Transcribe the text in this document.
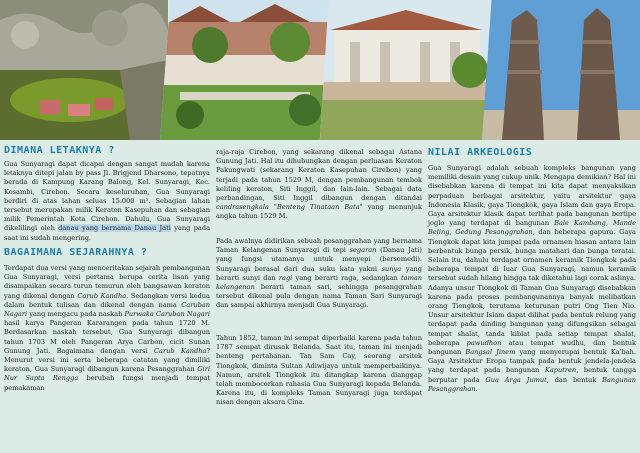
DIMANA LETAKNYA ?

Gua Sunyaragi dapat dicapai dengan sangat mudah karena letaknya ditepi jalan by pass Jl. Brigjend Dharsono, tepatnya berada di Kampung Karang Balong, Kel. Sunyaragi, Kec. Kesambi, Cirebon. Secara keseluruhan, Gua Sunyaragi berdiri di atas lahan seluas 15.000 m². Sebagian lahan tersebut merupakan milik Keraton Kasepuhan dan sebagian milik Pemerintah Kota Cirebon. Dahulu, Gua Sunyaragi dikelilingi oleh danau yang bernama Danau Jati yang pada saat ini sudah mengering.

BAGAIMANA SEJARAHNYA ?

Terdapat dua versi yang menceritakan sejarah pembangunan Gua Sunyaragi, versi pertama berupa cerita lisan yang disampaikan secara turun temurun oleh bangsawan keraton yang dikenal dengan Carub Kandha. Sedangkan versi kedua dalam bentuk tulisan dan dikenal dengan nama Caruban Nagari yang mengacu pada naskah Purwaka Caruban Nagari hasil karya Pangeran Kararangen pada tahun 1720 M. Berdasarkan naskah tersebut, Gua Sunyaragi dibangun tahun 1703 M oleh Pangeran Arya Carbon, cicit Sunan Gunung Jati. Bagaimana dengan versi Carub Kandha? Menurut versi ini serta beberapa catatan yang dimiliki keraton, Gua Sunyaragi dibangun karena Pesanggrahan Giri Nur Sapta Rengga berubah fungsi menjadi tempat pemakaman

raja-raja Cirebon, yang sekarang dikenal sebagai Astana Gunung Jati. Hal itu dihubungkan dengan perluasan Keraton Pakungwati (sekarang Keraton Kasepuhan Cirebon) yang terjadi pada tahun 1529 M, dengan pembangunan tembok keliling keraton, Siti Inggil, dan lain-lain. Sebagai data perbandingan, Siti Inggil dibangun dengan ditandai candrasengkala "Benteng Tinataan Bata" yang menunjuk angka tahun 1529 M.

Pada awalnya didirikan sebuah pesanggrahan yang bernama Taman Kelangenan Sunyaragi di tepi segaran (Danau Jati) yang fungsi utamanya untuk menyepi (bersemedi). Sunyaragi berasal dari dua suku kata yakni sunya yang berarti sunyi dan ragi yang berarti raga, sedangkan taman kelangenan berarti taman sari, sehingga pesanggrahan tersebut dikenal pula dengan nama Taman Sari Sunyaragi dan sampai akhirnya menjadi Gua Sunyaragi.

Tahun 1852, taman ini sempat diperbaiki karena pada tahun 1787 sempat dirusak Belanda. Saat itu, taman ini menjadi benteng pertahanan. Tan Sam Cay, seorang arsitek Tiongkok, diminta Sultan Adiwijaya untuk memperbaikinya. Namun, arsitek Tiongkok itu ditangkap karena dianggap telah membocorkan rahasia Gua Sunyaragi kepada Belanda. Karena itu, di kompleks Taman Sunyaragi juga terdapat nisan dengan aksara Cina.

NILAI ARKEOLOGIS

Gua Sunyaragi adalah sebuah kompleks bangunan yang memiliki desain yang cukup unik. Mengapa demikian? Hal ini disebabkan karena di tempat ini kita dapat menyaksikan perpaduan berbagai arsitektur, yaitu arsitektur gaya Indonesia Klasik, gaya Tiongkok, gaya Islam dan gaya Eropa. Gaya arsitektur klasik dapat terlihat pada bangunan bertipe joglo yang terdapat di bangunan Bale Kambang, Mande Beling, Gedung Pesanggrahan, dan beberapa gapura. Gaya Tiongkok dapat kita jumpai pada ornamen hiasan antara lain berbentuk bunga persik, bunga matahari dan bunga teratai. Selain itu, dahulu terdapat ornamen keramik Tiongkok pada beberapa tempat di luar Gua Sunyaragi, namun keramik tersebut sudah hilang hingga tak diketahui lagi corak aslinya. Adanya unsur Tiongkok di Taman Gua Sunyaragi disebabkan karena pada proses pembangunannya banyak melibatkan orang Tiongkok, terutama keturunan putri Ong Tien Nio. Unsur arsitektur Islam dapat dilihat pada bentuk relung yang terdapat pada dinding bangunan yang difungsikan sebagai tempat shalat, tanda kiblat pada setiap tempat shalat, beberapa pawudhon atau tempat wudhu, dan bentuk bangunan Bangsal Jinem yang menyerupai bentuk Ka'bah. Gaya Arsitektur Eropa tampak pada bentuk jendela-jendela yang terdapat pada bangunan Kaputren, bentuk tangga berputar pada Gua Arga Jumut, dan bentuk Bangunan Pesanggrahan.
